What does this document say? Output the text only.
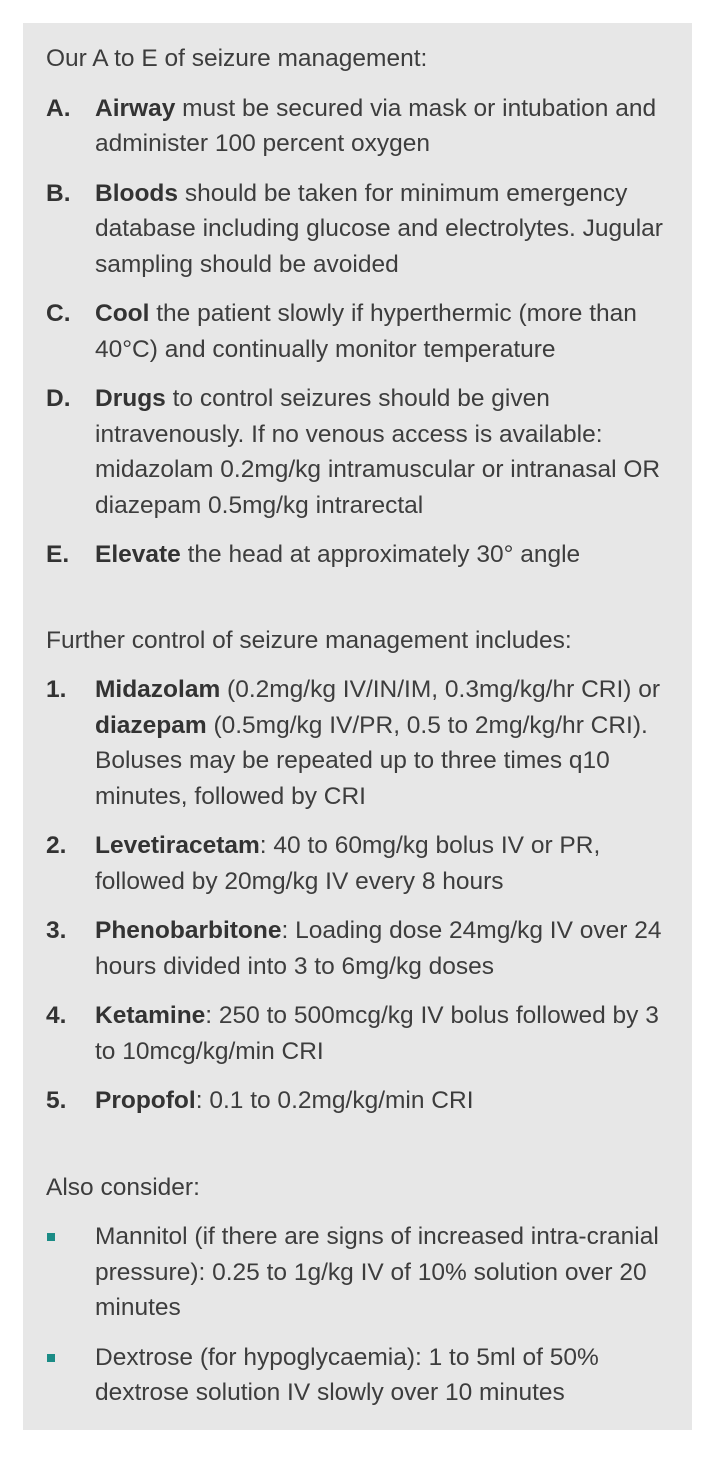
Our A to E of seizure management:

A.	Airway must be secured via mask or intubation and administer 100 percent oxygen
B.	Bloods should be taken for minimum emergency database including glucose and electrolytes. Jugular sampling should be avoided
C.	Cool the patient slowly if hyperthermic (more than 40°C) and continually monitor temperature
D.	Drugs to control seizures should be given intravenously. If no venous access is available: midazolam 0.2mg/kg intramuscular or intranasal OR diazepam 0.5mg/kg intrarectal
E.	Elevate the head at approximately 30° angle

Further control of seizure management includes:

1.	Midazolam (0.2mg/kg IV/IN/IM, 0.3mg/kg/hr CRI) or diazepam (0.5mg/kg IV/PR, 0.5 to 2mg/kg/hr CRI). Boluses may be repeated up to three times q10 minutes, followed by CRI
2.	Levetiracetam: 40 to 60mg/kg bolus IV or PR, followed by 20mg/kg IV every 8 hours
3.	Phenobarbitone: Loading dose 24mg/kg IV over 24 hours divided into 3 to 6mg/kg doses
4.	Ketamine: 250 to 500mcg/kg IV bolus followed by 3 to 10mcg/kg/min CRI
5.	Propofol: 0.1 to 0.2mg/kg/min CRI

Also consider:

Mannitol (if there are signs of increased intra-cranial pressure): 0.25 to 1g/kg IV of 10% solution over 20 minutes
Dextrose (for hypoglycaemia): 1 to 5ml of 50% dextrose solution IV slowly over 10 minutes
